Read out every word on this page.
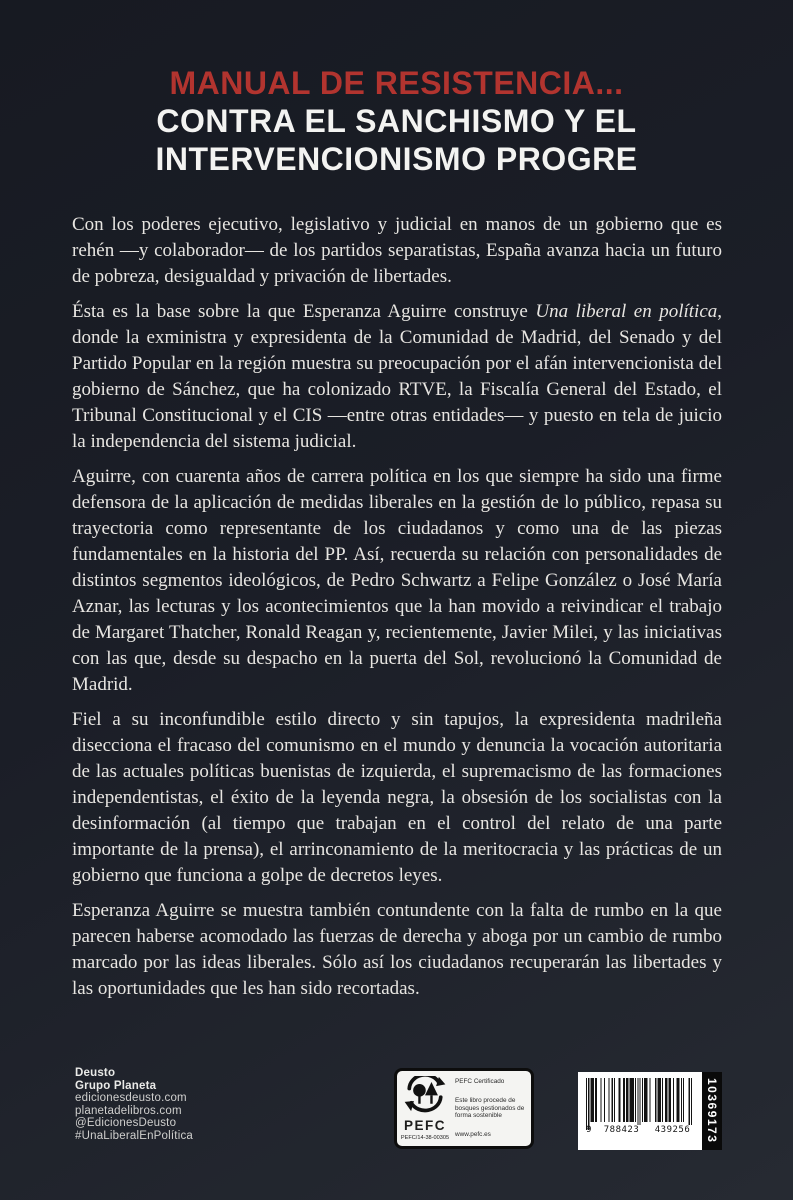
MANUAL DE RESISTENCIA...
CONTRA EL SANCHISMO Y EL
INTERVENCIONISMO PROGRE

Con los poderes ejecutivo, legislativo y judicial en manos de un gobierno que es rehén —y colaborador— de los partidos separatistas, España avanza hacia un futuro de pobreza, desigualdad y privación de libertades.

Ésta es la base sobre la que Esperanza Aguirre construye Una liberal en política, donde la exministra y expresidenta de la Comunidad de Madrid, del Senado y del Partido Popular en la región muestra su preocupación por el afán intervencionista del gobierno de Sánchez, que ha colonizado RTVE, la Fiscalía General del Estado, el Tribunal Constitucional y el CIS —entre otras entidades— y puesto en tela de juicio la independencia del sistema judicial.

Aguirre, con cuarenta años de carrera política en los que siempre ha sido una firme defensora de la aplicación de medidas liberales en la gestión de lo público, repasa su trayectoria como representante de los ciudadanos y como una de las piezas fundamentales en la historia del PP. Así, recuerda su relación con personalidades de distintos segmentos ideológicos, de Pedro Schwartz a Felipe González o José María Aznar, las lecturas y los acontecimientos que la han movido a reivindicar el trabajo de Margaret Thatcher, Ronald Reagan y, recientemente, Javier Milei, y las iniciativas con las que, desde su despacho en la puerta del Sol, revolucionó la Comunidad de Madrid.

Fiel a su inconfundible estilo directo y sin tapujos, la expresidenta madrileña disecciona el fracaso del comunismo en el mundo y denuncia la vocación autoritaria de las actuales políticas buenistas de izquierda, el supremacismo de las formaciones independentistas, el éxito de la leyenda negra, la obsesión de los socialistas con la desinformación (al tiempo que trabajan en el control del relato de una parte importante de la prensa), el arrinconamiento de la meritocracia y las prácticas de un gobierno que funciona a golpe de decretos leyes.

Esperanza Aguirre se muestra también contundente con la falta de rumbo en la que parecen haberse acomodado las fuerzas de derecha y aboga por un cambio de rumbo marcado por las ideas liberales. Sólo así los ciudadanos recuperarán las libertades y las oportunidades que les han sido recortadas.

Deusto
Grupo Planeta
edicionesdeusto.com
planetadelibros.com
@EdicionesDeusto
#UnaLiberalEnPolítica
PEFC
PEFC/14-38-00305
PEFC Certificado
Este libro procede de bosques gestionados de forma sostenible
www.pefc.es	9	788423	439256	10369173
